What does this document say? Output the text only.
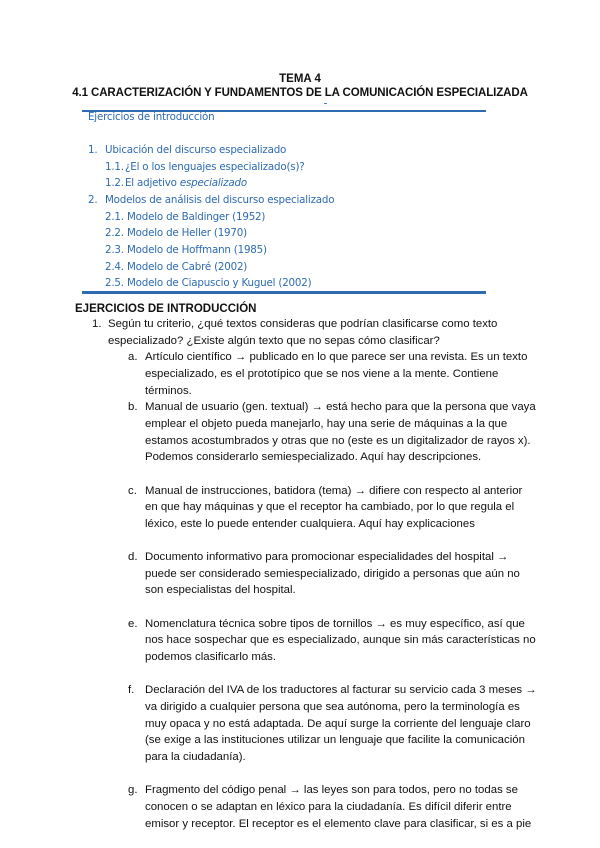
TEMA 4
4.1 CARACTERIZACIÓN Y FUNDAMENTOS DE LA COMUNICACIÓN ESPECIALIZADA
Ejercicios de introducción
1. Ubicación del discurso especializado
1.1.¿El o los lenguajes especializado(s)?
1.2.El adjetivo especializado
2. Modelos de análisis del discurso especializado
2.1. Modelo de Baldinger (1952)
2.2. Modelo de Heller (1970)
2.3. Modelo de Hoffmann (1985)
2.4. Modelo de Cabré (2002)
2.5. Modelo de Ciapuscio y Kuguel (2002)
EJERCICIOS DE INTRODUCCIÓN
1. Según tu criterio, ¿qué textos consideras que podrían clasificarse como texto
especializado? ¿Existe algún texto que no sepas cómo clasificar?
a. Artículo científico → publicado en lo que parece ser una revista. Es un texto
especializado, es el prototípico que se nos viene a la mente. Contiene
términos.
b. Manual de usuario (gen. textual) → está hecho para que la persona que vaya
emplear el objeto pueda manejarlo, hay una serie de máquinas a la que
estamos acostumbrados y otras que no (este es un digitalizador de rayos x).
Podemos considerarlo semiespecializado. Aquí hay descripciones.
c. Manual de instrucciones, batidora (tema) → difiere con respecto al anterior
en que hay máquinas y que el receptor ha cambiado, por lo que regula el
léxico, este lo puede entender cualquiera. Aquí hay explicaciones
d. Documento informativo para promocionar especialidades del hospital →
puede ser considerado semiespecializado, dirigido a personas que aún no
son especialistas del hospital.
e. Nomenclatura técnica sobre tipos de tornillos → es muy específico, así que
nos hace sospechar que es especializado, aunque sin más características no
podemos clasificarlo más.
f. Declaración del IVA de los traductores al facturar su servicio cada 3 meses →
va dirigido a cualquier persona que sea autónoma, pero la terminología es
muy opaca y no está adaptada. De aquí surge la corriente del lenguaje claro
(se exige a las instituciones utilizar un lenguaje que facilite la comunicación
para la ciudadanía).
g. Fragmento del código penal → las leyes son para todos, pero no todas se
conocen o se adaptan en léxico para la ciudadanía. Es difícil diferir entre
emisor y receptor. El receptor es el elemento clave para clasificar, si es a pie
